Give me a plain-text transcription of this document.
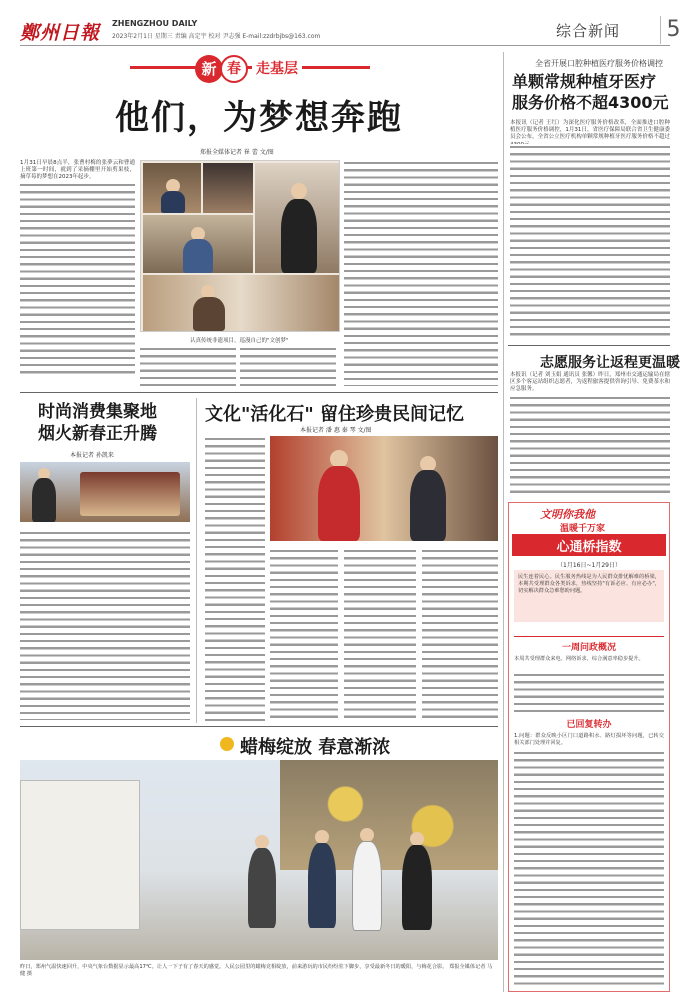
鄭州日報 ZHENGZHOU DAILY
2023年2月1日 星期三 责编 高定宇 校对 尹志强 E-mail:zzdrbjbs@163.com	综合新闻 5
新 春	走基层
他们，为梦想奔跑
郑报全媒体记者 崔 蕾 文/图
1月31日早晨8点半，张曹村梅的张夢云和曹通上班第一时间，就到了采摘棚里开始剪果枝，摘草莓的梦想在2023年起步。
认真传统非遗项目。巡漫自己的"文创梦"
时尚消费集聚地
烟火新春正升腾
本报记者 孙凯来
文化"活化石" 留住珍贵民间记忆
本报记者 潘 惠 秦 琴 文/图
蜡梅绽放 春意渐浓
昨日，郑州气温快速回升，中央气象台数据显示最高17℃。让人一下子有了春天的感觉。人民公园里的蜡梅竞相绽放，前来游玩的市民纷纷驻下脚步，享受最新冬日的暖阳，与梅花合影。 郑报全媒体记者 马 健 摄
全省开展口腔种植医疗服务价格调控
单颗常规种植牙医疗
服务价格不超4300元
本报讯（记者 王红）为深化医疗服务价格改革，全面推进口腔种植医疗服务价格调控，1月31日，省医疗保障局联合省卫生健康委员会公布，全省公立医疗机构单颗常规种植牙医疗服务价格不超过
志愿服务让返程更温暖
本报讯（记者 刘玉娟 通讯员 张馨）昨日，郑州市交通运输局在辖区多个客运站组织志愿者，为返程旅客提供咨询引导、免费茶水和应急服务。
文明你我他
温暖千万家
心通桥指数
（1月16日~1月29日）
民生连着民心。民生服务热线是为人民群众排忧解难的桥梁，本期共受理群众各类诉求，热线坚持"有诉必应、有应必办"，切实解决群众急难愁盼问题。
一周问政概况
本周共受理群众来电、网络诉求，综合满意率稳步提升。
已回复转办
1.问题：群众反映小区门口道路积水、路灯损坏等问题，已转交相关部门处理并回复。
